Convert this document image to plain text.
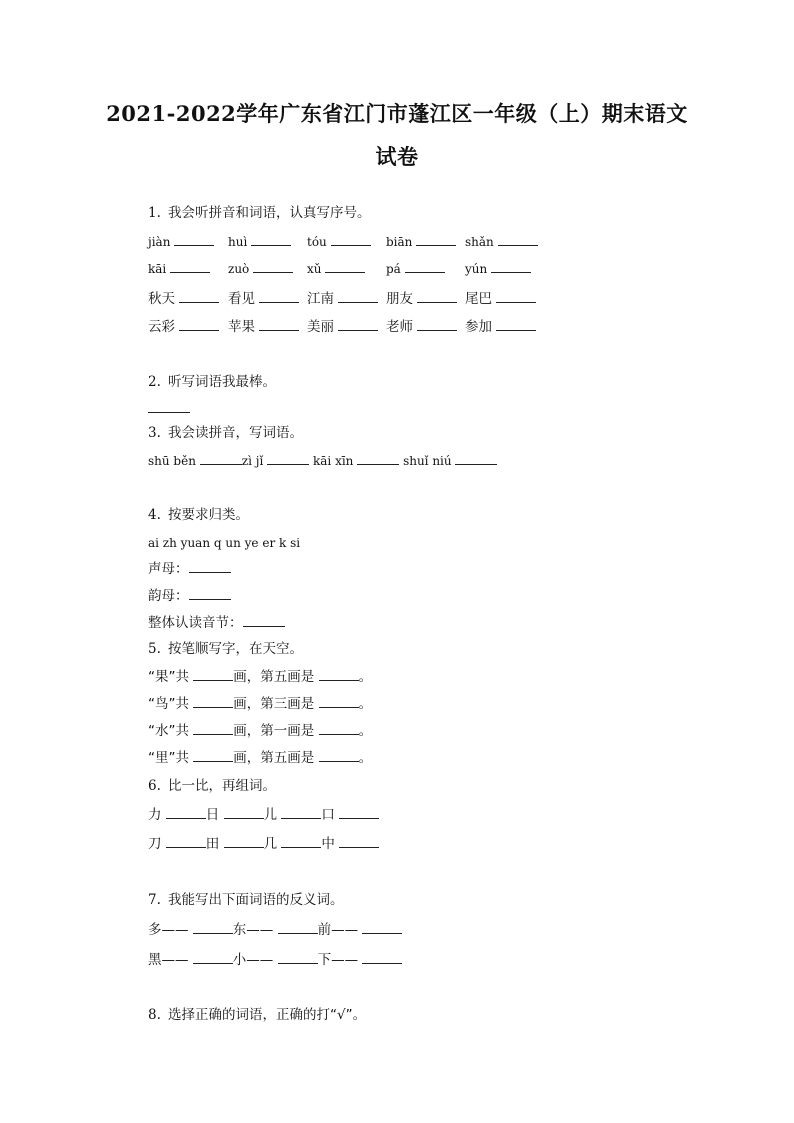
2021-2022学年广东省江门市蓬江区一年级（上）期末语文
试卷
1. 我会听拼音和词语，认真写序号。
jiàn	huì	tóu	biān	shǎn
kāi	zuò	xǔ	pá	yún
秋天	看见	江南	朋友	尾巴
云彩	苹果	美丽	老师	参加
2. 听写词语我最棒。
3. 我会读拼音，写词语。
shū běn	zì jǐ	kāi xīn	shuǐ niú
4. 按要求归类。
ai zh yuan q un ye er k si
声母：
韵母：
整体认读音节：
5. 按笔顺写字，在天空。
“果”共	画，第五画是	。
“鸟”共	画，第三画是	。
“水”共	画，第一画是	。
“里”共	画，第五画是	。
6. 比一比，再组词。
力	日	儿	口
刀	田	几	中
7. 我能写出下面词语的反义词。
多——	东——	前——
黑——	小——	下——
8. 选择正确的词语，正确的打“√”。
